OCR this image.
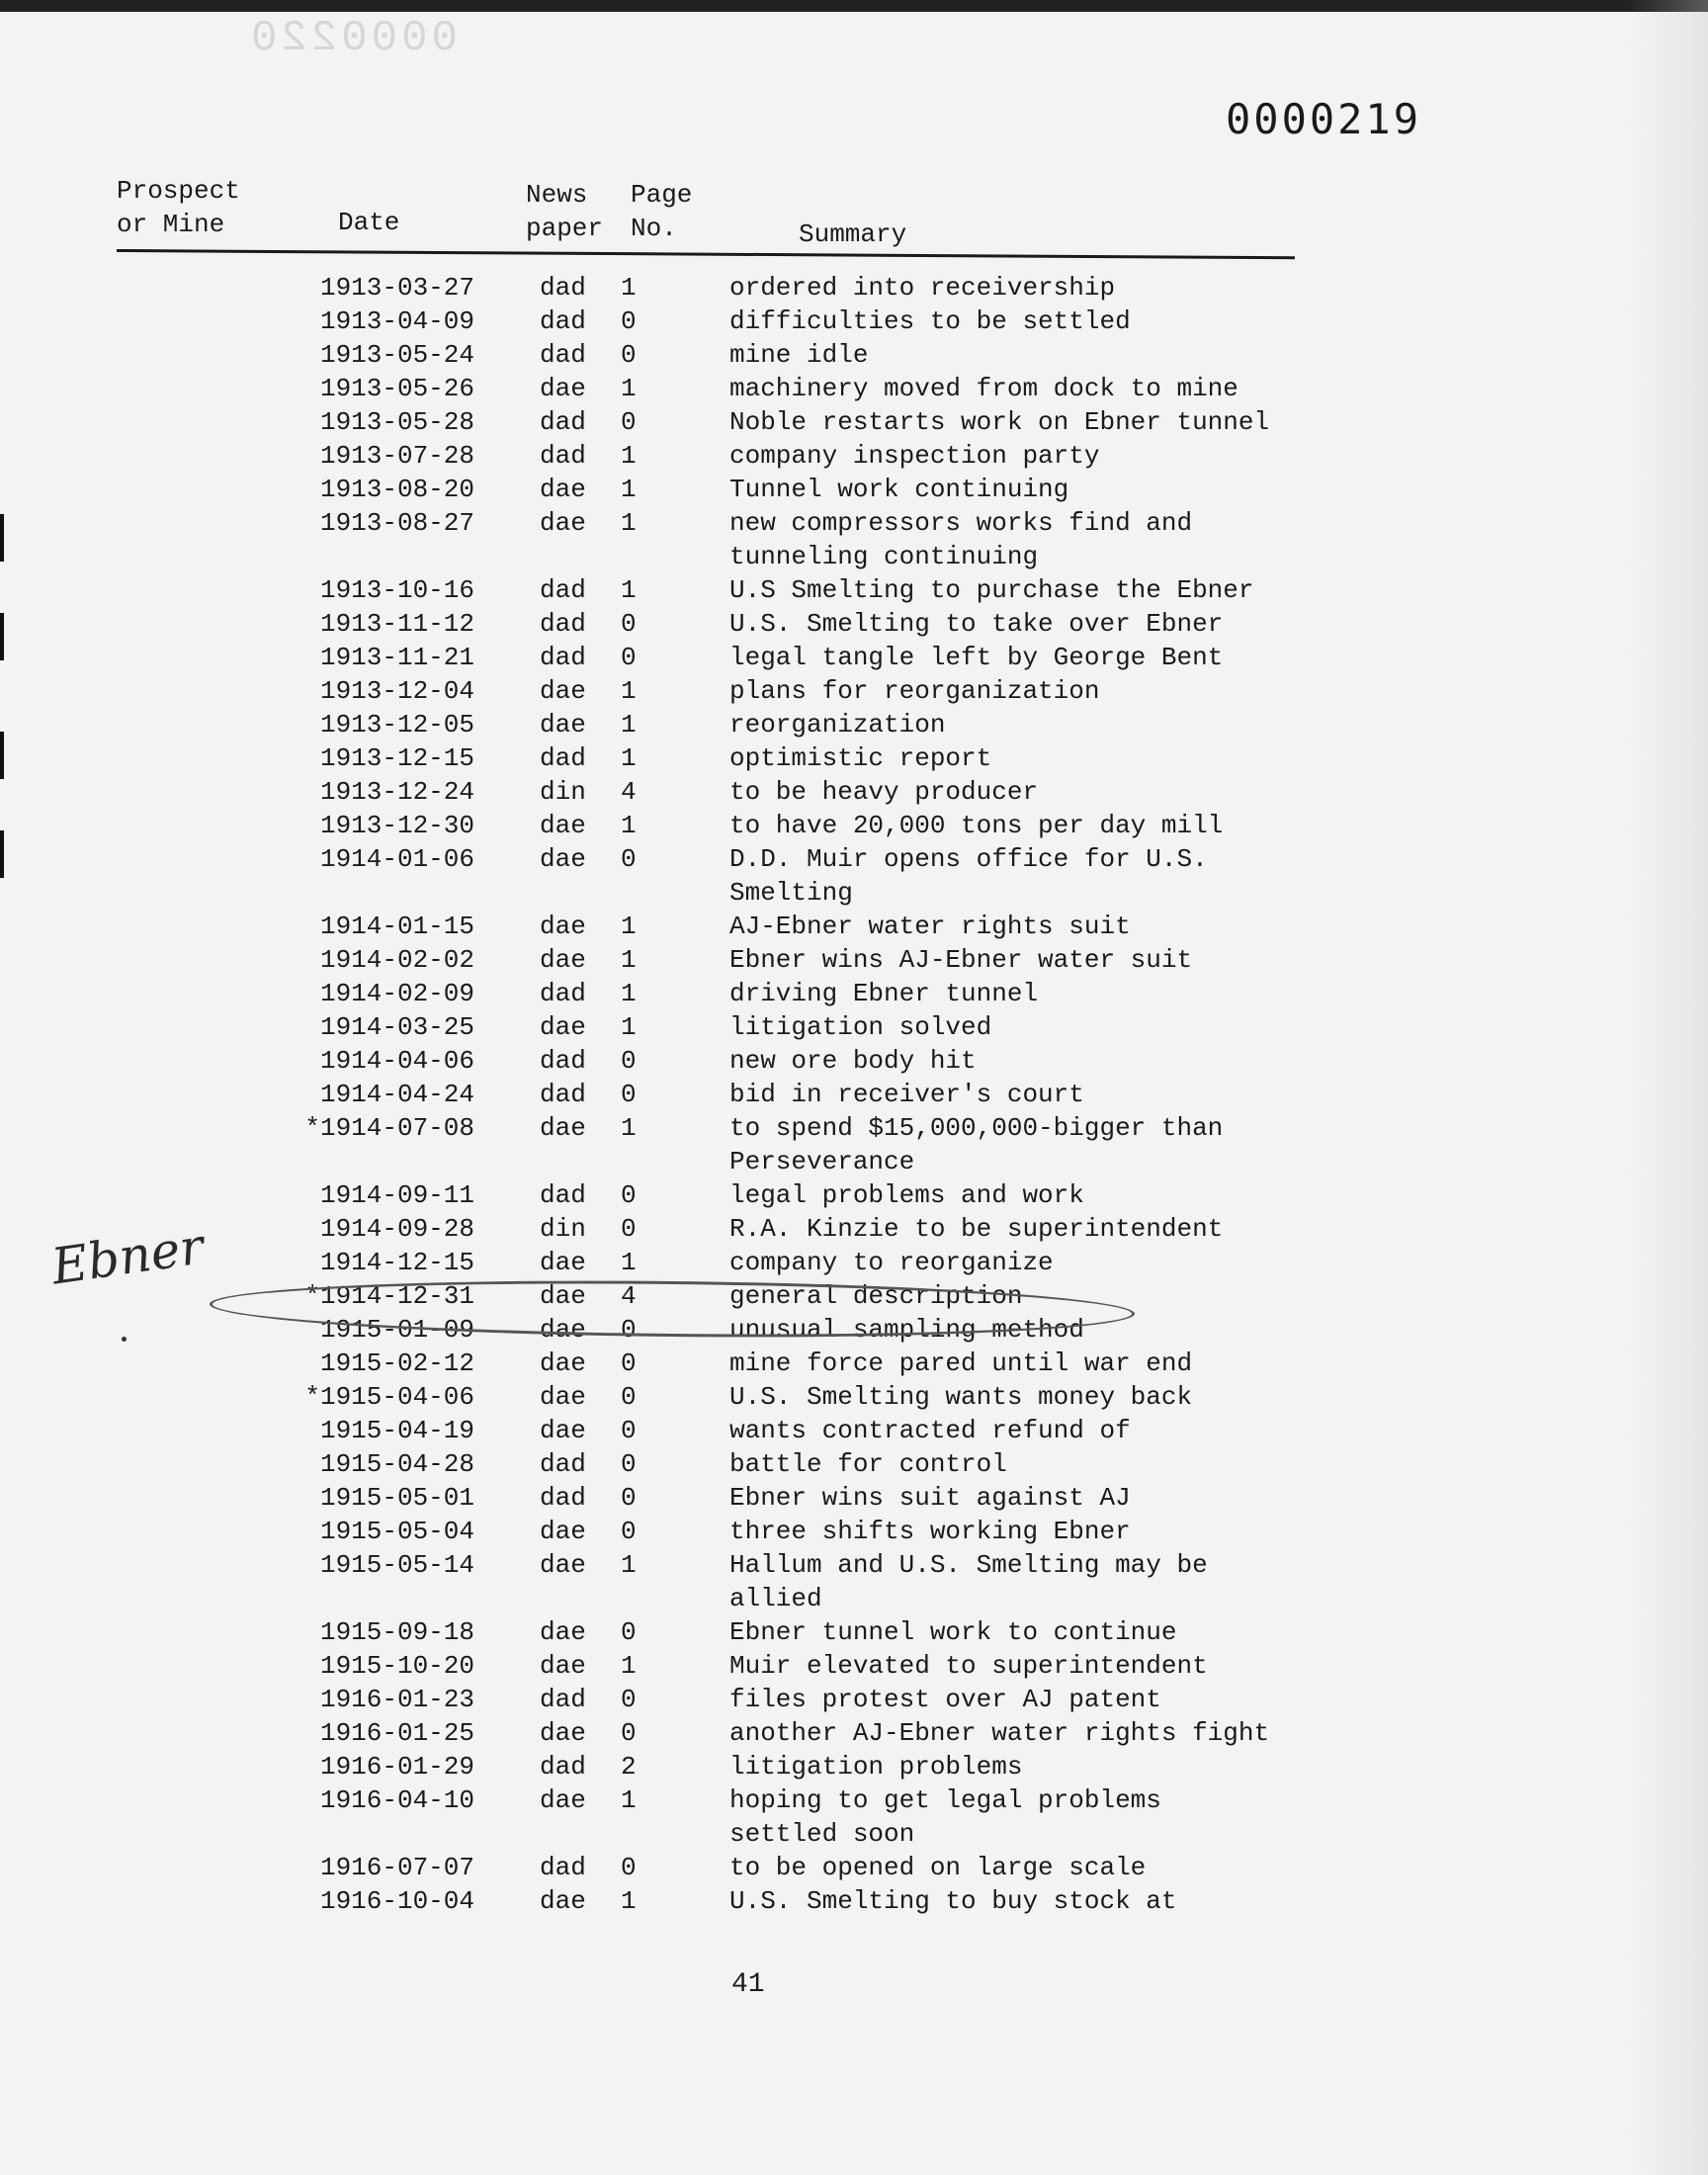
0000220
0000219
Prospect
or Mine	Date
News
paper
Page
No.	Summary
1913-03-27	dad 1	ordered into receivership
1913-04-09	dad 0	difficulties to be settled
1913-05-24	dad 0	mine idle
1913-05-26	dae 1	machinery moved from dock to mine
1913-05-28	dad 0	Noble restarts work on Ebner tunnel
1913-07-28	dad 1	company inspection party
1913-08-20	dae 1	Tunnel work continuing
1913-08-27	dae 1	new compressors works find and
tunneling continuing
1913-10-16	dad 1	U.S Smelting to purchase the Ebner
1913-11-12	dad 0	U.S. Smelting to take over Ebner
1913-11-21	dad 0	legal tangle left by George Bent
1913-12-04	dae 1	plans for reorganization
1913-12-05	dae 1	reorganization
1913-12-15	dad 1	optimistic report
1913-12-24	din 4	to be heavy producer
1913-12-30	dae 1	to have 20,000 tons per day mill
1914-01-06	dae 0	D.D. Muir opens office for U.S.
Smelting
1914-01-15	dae 1	AJ-Ebner water rights suit
1914-02-02	dae 1	Ebner wins AJ-Ebner water suit
1914-02-09	dad 1	driving Ebner tunnel
1914-03-25	dae 1	litigation solved
1914-04-06	dad 0	new ore body hit
1914-04-24	dad 0	bid in receiver's court
*1914-07-08	dae 1	to spend $15,000,000-bigger than
Perseverance
1914-09-11	dad 0	legal problems and work
1914-09-28	din 0	R.A. Kinzie to be superintendent
1914-12-15	dae 1	company to reorganize
*1914-12-31	dae 4	general description
1915-01-09	dae 0	unusual sampling method
1915-02-12	dae 0	mine force pared until war end
*1915-04-06	dae 0	U.S. Smelting wants money back
1915-04-19	dae 0	wants contracted refund of
1915-04-28	dad 0	battle for control
1915-05-01	dad 0	Ebner wins suit against AJ
1915-05-04	dae 0	three shifts working Ebner
1915-05-14	dae 1	Hallum and U.S. Smelting may be
allied
1915-09-18	dae 0	Ebner tunnel work to continue
1915-10-20	dae 1	Muir elevated to superintendent
1916-01-23	dad 0	files protest over AJ patent
1916-01-25	dae 0	another AJ-Ebner water rights fight
1916-01-29	dad 2	litigation problems
1916-04-10	dae 1	hoping to get legal problems
settled soon
1916-07-07	dad 0	to be opened on large scale
1916-10-04	dae 1	U.S. Smelting to buy stock at
Ebner
41
